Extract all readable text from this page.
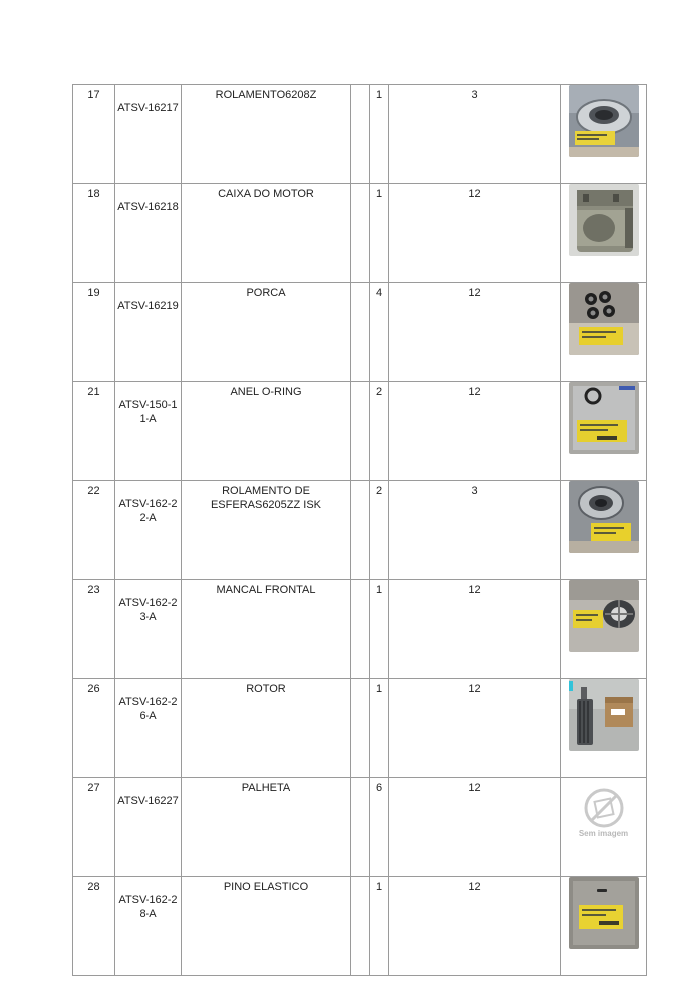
17	ATSV-16217	ROLAMENTO6208Z		1	3	

18	ATSV-16218	CAIXA DO MOTOR		1	12	

19	ATSV-16219	PORCA		4	12	

21	ATSV-150-11-A	ANEL O-RING		2	12	

22	ATSV-162-22-A	ROLAMENTO DE ESFERAS6205ZZ ISK		2	3	

23	ATSV-162-23-A	MANCAL FRONTAL		1	12	

26	ATSV-162-26-A	ROTOR		1	12	

27	ATSV-16227	PALHETA		6	12	Sem imagem

28	ATSV-162-28-A	PINO ELASTICO		1	12	
